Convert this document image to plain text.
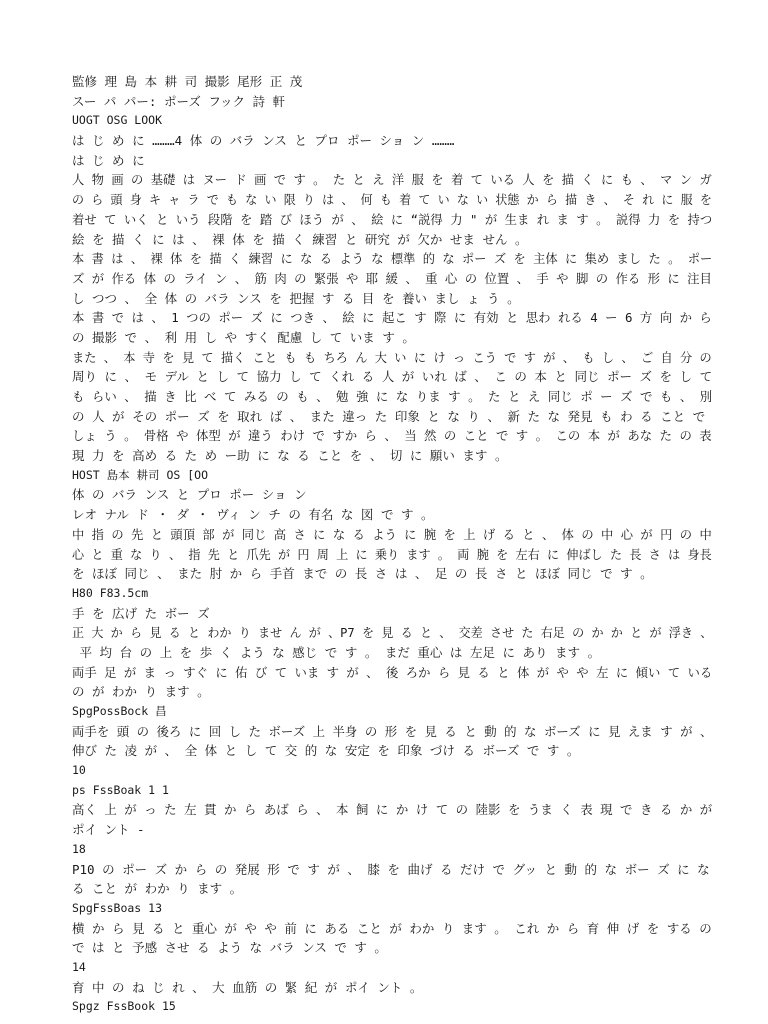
監修 理 島 本 耕 司 撮影 尾形 正 茂
スー パ パー: ポーズ フック 詩 軒
UOGT OSG LOOK
は じ め に ………4 体 の バラ ンス と プロ ポー ショ ン ………
は じ め に
人 物 画 の 基礎 は ヌー ド 画 で す 。 た と え 洋 服 を 着 て いる 人 を 描 く に も 、 マ ン ガ
の ら 頭 身 キ ャ ラ で も な い 限 り は 、 何 も 着 て い な い 状態 か ら 描 き 、 そ れ に 服 を
着せ て いく と いう 段階 を 踏 び ほう が 、 絵 に “説得 力 " が 生ま れ ま す 。 説得 力 を 持つ
絵 を 描 く に は 、 裸 体 を 描 く 練習 と 研究 が 欠か せま せん 。
本 書 は 、 裸 体 を 描 く 練習 に な る よう な 標準 的 な ポー ズ を 主体 に 集め まし た 。 ポー
ズ が 作る 体 の ライ ン 、 筋 肉 の 緊張 や 耶 緩 、 重 心 の 位置 、 手 や 脚 の 作る 形 に 注目
し つつ 、 全 体 の バラ ンス を 把握 す る 目 を 養い まし ょ う 。
本 書 で は 、 1 つの ポー ズ に つき 、 絵 に 起こ す 際 に 有効 と 思わ れる 4 ー 6 方 向 か ら
の 撮影 で 、 利 用 し や すく 配慮 し て いま す 。
また 、 本 寺 を 見 て 描く こと も も ちろ ん 大 い に け っ こう で す が 、 も し 、 ご 自 分 の
周り に 、 モ デル と し て 協力 し て くれ る 人 が いれ ば 、 こ の 本 と 同じ ポー ズ を し て
も らい 、 描 き 比 べ て みる の も 、 勉 強 に な りま す 。 た と え 同じ ポ ー ズ で も 、 別
の 人 が その ポー ズ を 取れ ば 、 また 違っ た 印象 と な り 、 新 た な 発見 も わ る こと で
しょ う 。 骨格 や 体型 が 違う わけ で すか ら 、 当 然 の こと で す 。 この 本 が あな た の 表
現 力 を 高め る た め ー助 に な る こと を 、 切 に 願い ます 。
HOST 島本 耕司 OS [OO
体 の バラ ンス と プロ ポー ショ ン
レオ ナル ド ・ ダ ・ ヴィ ン チ の 有名 な 図 で す 。
中 指 の 先 と 頭頂 部 が 同じ 高 さ に な る よう に 腕 を 上 げ る と 、 体 の 中 心 が 円 の 中
心 と 重 な り 、 指 先 と 爪先 が 円 周 上 に 乗り ます 。 両 腕 を 左右 に 伸ばし た 長 さ は 身長
を ほぼ 同じ 、 また 肘 か ら 手首 まで の 長 さ は 、 足 の 長 さ と ほぼ 同じ で す 。
H80 F83.5cm
手 を 広げ た ボー ズ
正 大 か ら 見 る と わか り ませ ん が 、P7 を 見 る と 、 交差 させ た 右足 の か か と が 浮き 、
平 均 台 の 上 を 歩 く よう な 感じ で す 。 まだ 重心 は 左足 に あり ます 。
両手 足 が ま っ すぐ に 佑 び て いま す が 、 後 ろか ら 見 る と 体 が や や 左 に 傾い て いる
の が わか り ます 。
SpgPossBock 昌
両手を 頭 の 後ろ に 回 し た ボーズ 上 半身 の 形 を 見 る と 動 的 な ボーズ に 見 えま す が 、
伸び た 凌 が 、 全 体 と し て 交 的 な 安定 を 印象 づけ る ボーズ で す 。
10
ps FssBoak 1 1
高く 上 が っ た 左 貫 か ら あば ら 、 本 飼 に か け て の 陸影 を うま く 表 現 で き る か が
ポイ ント -
18
P10 の ポー ズ か ら の 発展 形 で す が 、 膝 を 曲げ る だけ で グッ と 動 的 な ボー ズ に な
る こと が わか り ます 。
SpgFssBoas 13
横 か ら 見 る と 重心 が や や 前 に ある こと が わか り ます 。 これ か ら 育 伸 げ を する の
で は と 予感 させ る よう な バラ ンス で す 。
14
育 中 の ね じ れ 、 大 血筋 の 緊 紀 が ポイ ント 。
Spgz FssBook 15
